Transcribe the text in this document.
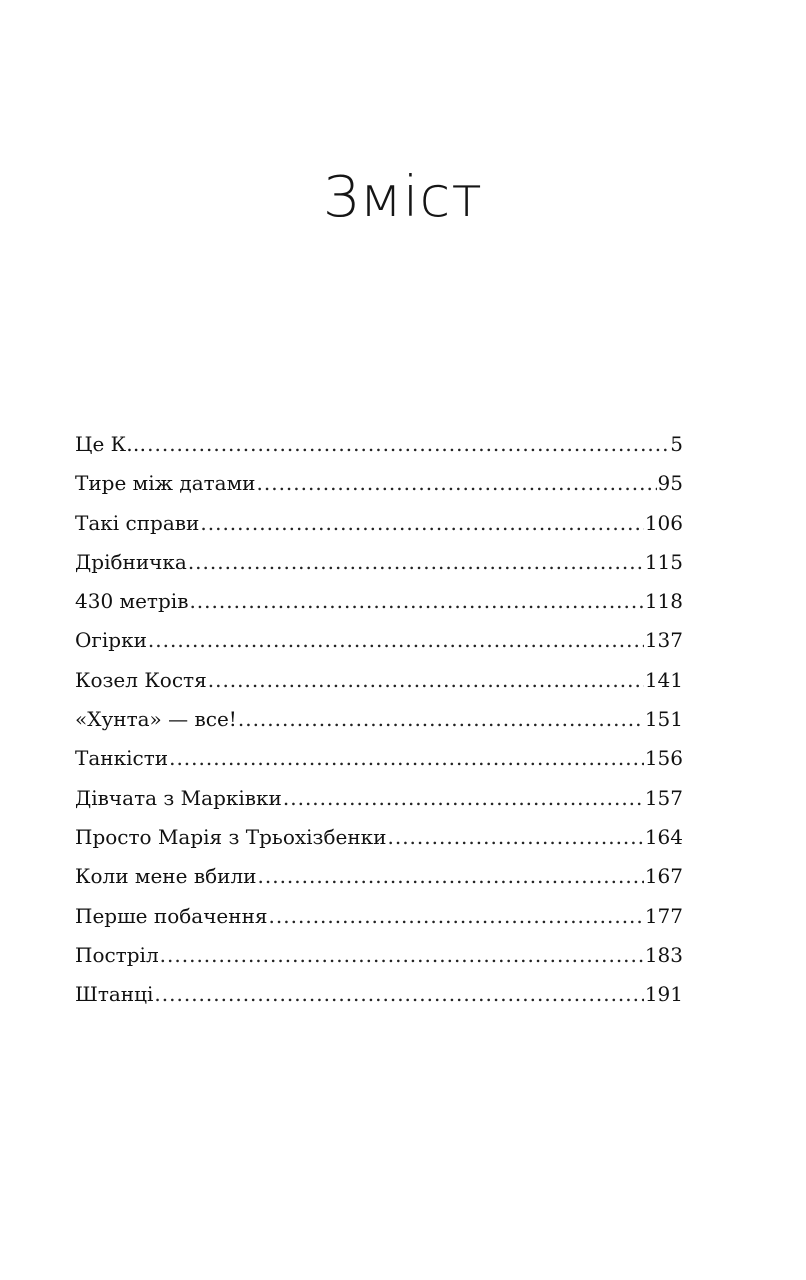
Зміст
Це К… .....	5
Тире між датами .....	95
Такі справи .....	106
Дрібничка .....	115
430 метрів .....	118
Огірки .....	137
Козел Костя .....	141
«Хунта» — все! .....	151
Танкісти .....	156
Дівчата з Марківки .....	157
Просто Марія з Трьохізбенки .....	164
Коли мене вбили .....	167
Перше побачення .....	177
Постріл .....	183
Штанці .....	191
